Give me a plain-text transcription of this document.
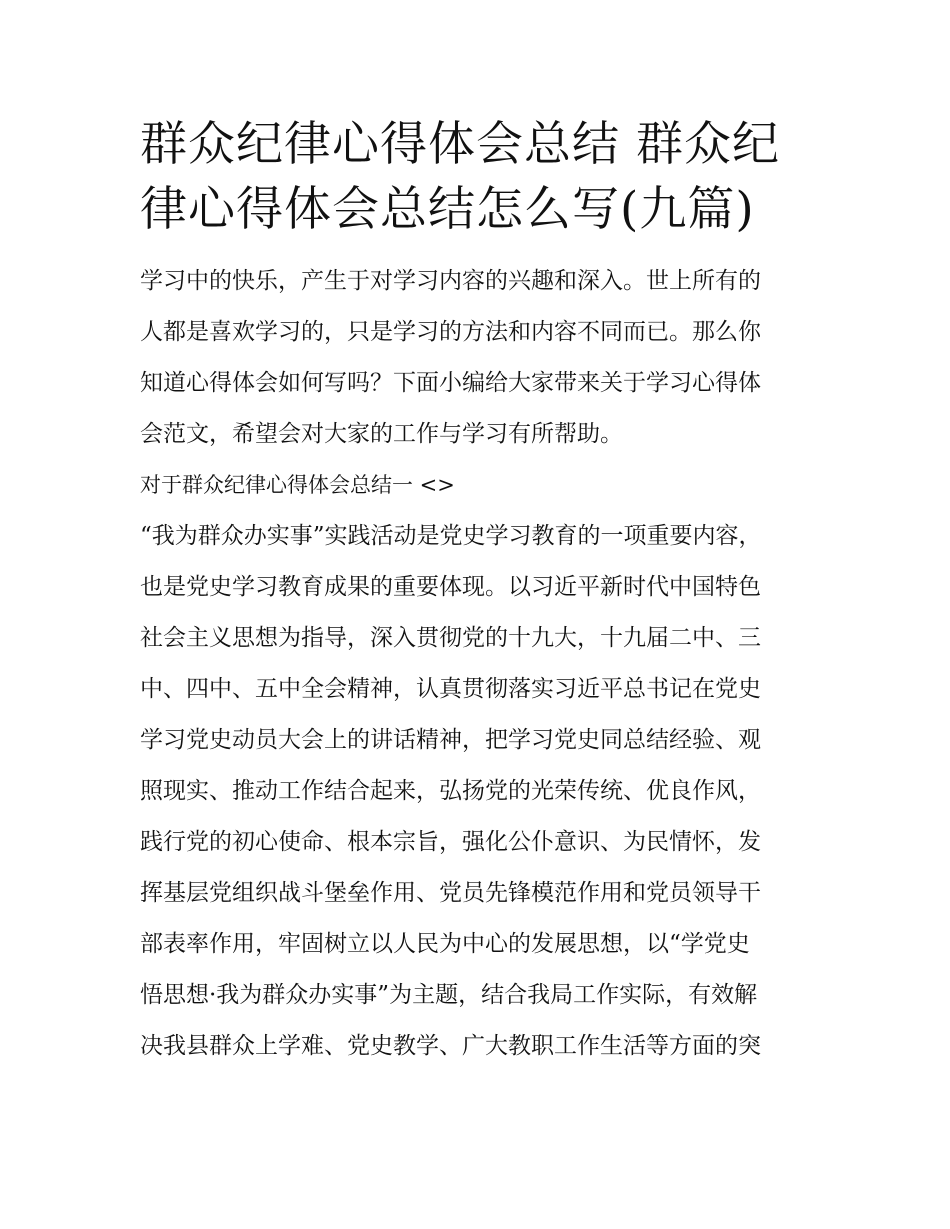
群众纪律心得体会总结 群众纪
律心得体会总结怎么写(九篇)

学习中的快乐，产生于对学习内容的兴趣和深入。世上所有的
人都是喜欢学习的，只是学习的方法和内容不同而已。那么你
知道心得体会如何写吗？下面小编给大家带来关于学习心得体
会范文，希望会对大家的工作与学习有所帮助。

对于群众纪律心得体会总结一 <>

“我为群众办实事”实践活动是党史学习教育的一项重要内容，
也是党史学习教育成果的重要体现。以习近平新时代中国特色
社会主义思想为指导，深入贯彻党的十九大，十九届二中、三
中、四中、五中全会精神，认真贯彻落实习近平总书记在党史
学习党史动员大会上的讲话精神，把学习党史同总结经验、观
照现实、推动工作结合起来，弘扬党的光荣传统、优良作风，
践行党的初心使命、根本宗旨，强化公仆意识、为民情怀，发
挥基层党组织战斗堡垒作用、党员先锋模范作用和党员领导干
部表率作用，牢固树立以人民为中心的发展思想，以“学党史
悟思想·我为群众办实事”为主题，结合我局工作实际，有效解
决我县群众上学难、党史教学、广大教职工作生活等方面的突
